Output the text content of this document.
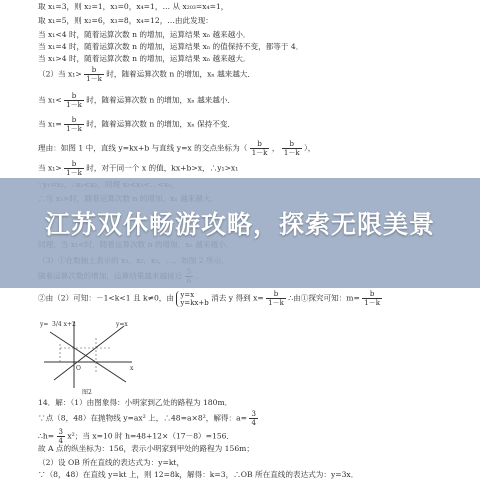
取 x₁=3，则 x₂=1，x₃=0，x₄=1，… 从 x₂₀₃=x₄=1，
取 x₁=5，则 x₂=6，x₃=8，x₄=12，…由此发现：
当 x₁<4 时，随着运算次数 n 的增加，运算结果 xₙ 越来越小．
当 x₁=4 时，随着运算次数 n 的增加，运算结果 xₙ 的值保持不变，都等于 4．
当 x₁>4 时，随着运算次数 n 的增加，运算结果 xₙ 越来越大．
（2）当 $x_1> \frac{b}{1-k}$ 时，随着运算次数 n 的增加，xₙ 越来越大．
当 $x_1< \frac{b}{1-k}$ 时，随着运算次数 n 的增加，xₙ 越来越小．
当 $x_1= \frac{b}{1-k}$ 时，随着运算次数 n 的增加，xₙ 保持不变．
理由：如图 1 中，直线 y=kx+b 与直线 y=x 的交点坐标为（ $\frac{b}{1-k}$ ， $\frac{b}{1-k}$ ），
当 $x_1> \frac{b}{1-k}$ 时，对于同一个 x 的值，kx+b>x，∴y₁>x₁
②由（2）可知：－1<k<1 且 k≠0，由 y=x
y=kx+b 消去 y 得到 $x= \frac{b}{1-k}$ ∴由①探究可知：$m= \frac{b}{1-k}$
y= 3/4 x+2	y=x
O	x
图2
14．解：（1）由图象得：小明家到乙处的路程为 180m．
∵点（8，48）在抛物线 y=ax² 上，∴48=a×8²，解得：$a= \frac{3}{4}$
∴h= $\frac{3}{4} x^2$；当 x=10 时 h=48+12×（17－8）=156．
故 A 点的纵坐标为：156，表示小明家到甲处的路程为 156m；
（2）设 OB 所在直线的表达式为：y=kt，
∵（8，48）在直线 y=kt 上，则 12=8k，解得：k=3，∴OB 所在直线的表达式为：y=3x．
江苏双休畅游攻略，探索无限美景
